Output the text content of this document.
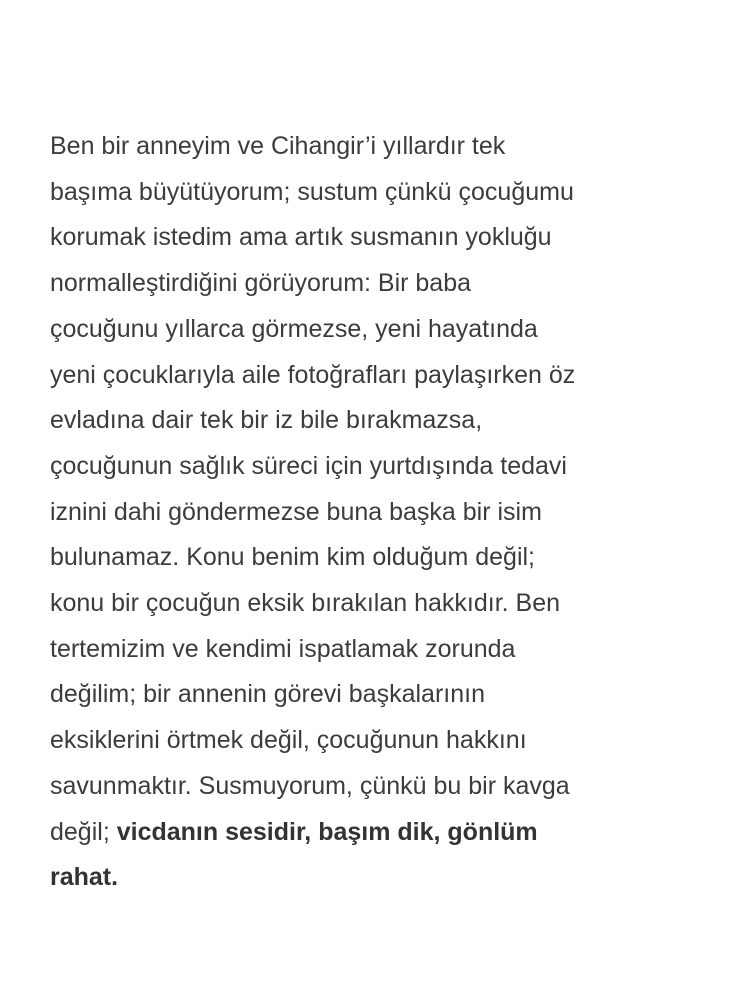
Ben bir anneyim ve Cihangir’i yıllardır tek
başıma büyütüyorum; sustum çünkü çocuğumu
korumak istedim ama artık susmanın yokluğu
normalleştirdiğini görüyorum: Bir baba
çocuğunu yıllarca görmezse, yeni hayatında
yeni çocuklarıyla aile fotoğrafları paylaşırken öz
evladına dair tek bir iz bile bırakmazsa,
çocuğunun sağlık süreci için yurtdışında tedavi
iznini dahi göndermezse buna başka bir isim
bulunamaz. Konu benim kim olduğum değil;
konu bir çocuğun eksik bırakılan hakkıdır. Ben
tertemizim ve kendimi ispatlamak zorunda
değilim; bir annenin görevi başkalarının
eksiklerini örtmek değil, çocuğunun hakkını
savunmaktır. Susmuyorum, çünkü bu bir kavga
değil; vicdanın sesidir, başım dik, gönlüm
rahat.
